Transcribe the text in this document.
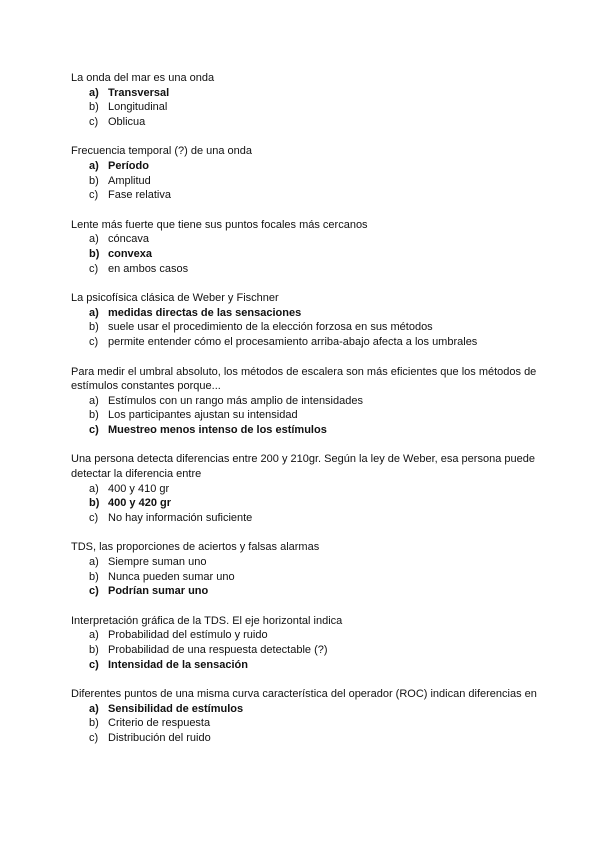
La onda del mar es una onda

a) Transversal
b) Longitudinal
c) Oblicua

Frecuencia temporal (?) de una onda

a) Período
b) Amplitud
c) Fase relativa

Lente más fuerte que tiene sus puntos focales más cercanos

a) cóncava
b) convexa
c) en ambos casos

La psicofísica clásica de Weber y Fischner

a) medidas directas de las sensaciones
b) suele usar el procedimiento de la elección forzosa en sus métodos
c) permite entender cómo el procesamiento arriba-abajo afecta a los umbrales

Para medir el umbral absoluto, los métodos de escalera son más eficientes que los métodos de estímulos constantes porque...

a) Estímulos con un rango más amplio de intensidades
b) Los participantes ajustan su intensidad
c) Muestreo menos intenso de los estímulos

Una persona detecta diferencias entre 200 y 210gr. Según la ley de Weber, esa persona puede detectar la diferencia entre

a) 400 y 410 gr
b) 400 y 420 gr
c) No hay información suficiente

TDS, las proporciones de aciertos y falsas alarmas

a) Siempre suman uno
b) Nunca pueden sumar uno
c) Podrían sumar uno

Interpretación gráfica de la TDS. El eje horizontal indica

a) Probabilidad del estímulo y ruido
b) Probabilidad de una respuesta detectable (?)
c) Intensidad de la sensación

Diferentes puntos de una misma curva característica del operador (ROC) indican diferencias en

a) Sensibilidad de estímulos
b) Criterio de respuesta
c) Distribución del ruido
